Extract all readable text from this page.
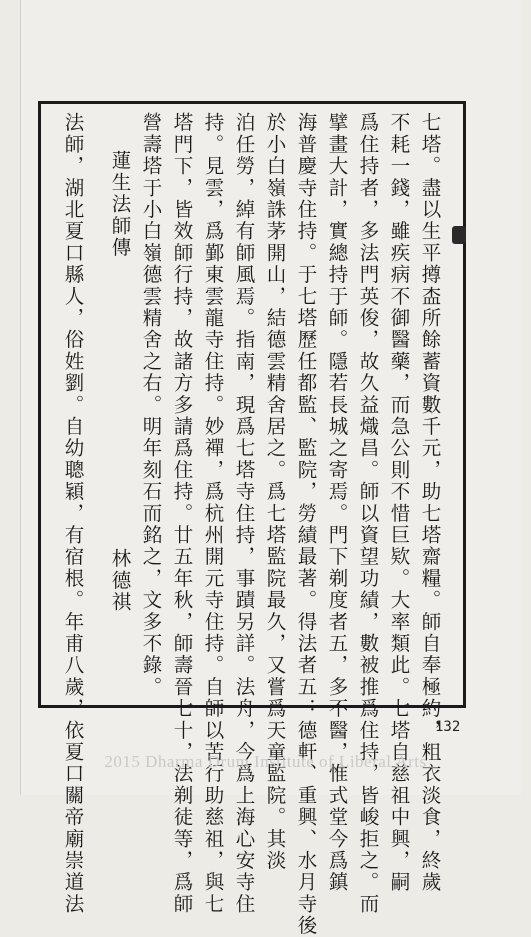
七塔。盡以生平撙㭗所餘蓄資數千元，助七塔齋糧。師自奉極約，粗衣淡食，終歲
不耗一錢，雖疾病不御醫藥，而急公則不惜巨欵。大率類此。七塔自慈祖中興，嗣
爲住持者，多法門英俊，故久益熾昌。師以資望功績，數被推爲住持，皆峻拒之。而
擘畫大計，實總持于師。隱若長城之寄焉。門下剃度者五，多不醫，惟式堂今爲鎮
海普慶寺住持。于七塔歷任都監、監院，勞績最著。得法者五：德軒、重興、水月寺後
於小白嶺誅茅開山，結德雲精舍居之。爲七塔監院最久，又嘗爲天童監院。其淡
泊任勞，綽有師風焉。指南，現爲七塔寺住持，事蹟另詳。法舟，今爲上海心安寺住
持。見雲，爲鄞東雲龍寺住持。妙禪，爲杭州開元寺住持。自師以苦行助慈祖，與七
塔門下，皆效師行持，故諸方多請爲住持。廿五年秋，師壽晉七十，法剃徒等，爲師
營壽塔于小白嶺德雲精舍之右。明年刻石而銘之，文多不錄。
蓮生法師傳
林德祺
法師，湖北夏口縣人，俗姓劉。自幼聰穎，有宿根。年甫八歲，依夏口關帝廟崇道法	132
2015 Dharma Drum Institute of Liberal Arts
